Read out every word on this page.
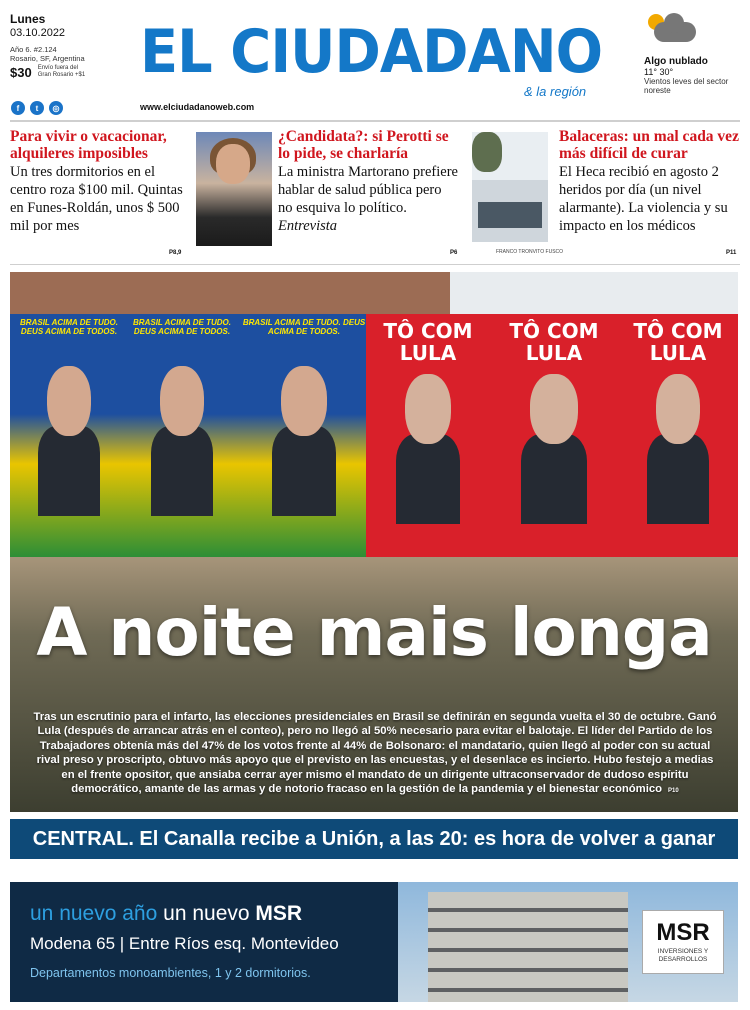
Lunes
03.10.2022
Año 6. #2.124
Rosario, SF, Argentina
$30 Envío fuera del Gran Rosario +$1
f	t	◎
EL CIUDADANO
& la región
www.elciudadanoweb.com
Algo nublado
11° 30°
Vientos leves del sector noreste
Para vivir o vacacionar, alquileres imposibles
Un tres dormitorios en el centro roza $100 mil. Quintas en Funes-Roldán, unos $ 500 mil por mes
P8,9
¿Candidata?: si Perotti se lo pide, se charlaría
La ministra Martorano prefiere hablar de salud pública pero no esquiva lo político. Entrevista
P6	FRANCO TRONVITO FUSCO
Balaceras: un mal cada vez más difícil de curar
El Heca recibió en agosto 2 heridos por día (un nivel alarmante). La violencia y su impacto en los médicos
P11
BRASIL ACIMA DE TUDO. DEUS ACIMA DE TODOS.
BRASIL ACIMA DE TUDO. DEUS ACIMA DE TODOS.
BRASIL ACIMA DE TUDO. DEUS ACIMA DE TODOS.	TÔ COM LULA
TÔ COM LULA
TÔ COM LULA
A noite mais longa
Tras un escrutinio para el infarto, las elecciones presidenciales en Brasil se definirán en segunda vuelta el 30 de octubre. Ganó Lula (después de arrancar atrás en el conteo), pero no llegó al 50% necesario para evitar el balotaje. El líder del Partido de los Trabajadores obtenía más del 47% de los votos frente al 44% de Bolsonaro: el mandatario, quien llegó al poder con su actual rival preso y proscripto, obtuvo más apoyo que el previsto en las encuestas, y el desenlace es incierto. Hubo festejo a medias en el frente opositor, que ansiaba cerrar ayer mismo el mandato de un dirigente ultraconservador de dudoso espíritu democrático, amante de las armas y de notorio fracaso en la gestión de la pandemia y el bienestar económico P10
CENTRAL. El Canalla recibe a Unión, a las 20: es hora de volver a ganar
un nuevo año un nuevo MSR
Modena 65 | Entre Ríos esq. Montevideo
Departamentos monoambientes, 1 y 2 dormitorios.
MSR
INVERSIONES Y DESARROLLOS
